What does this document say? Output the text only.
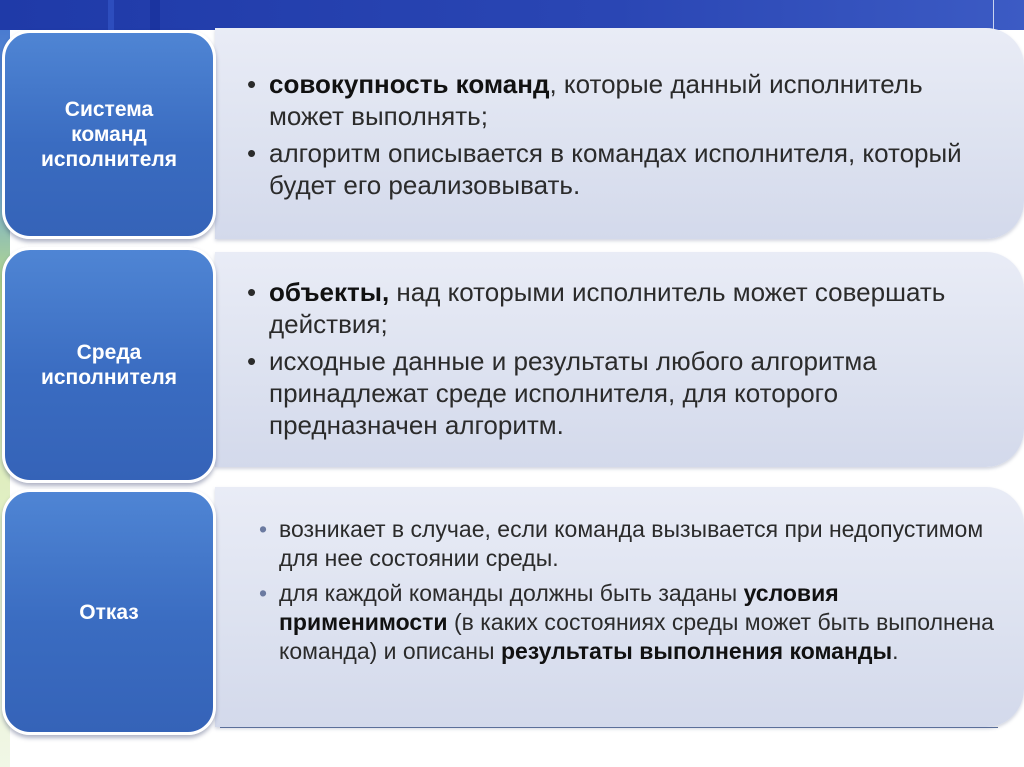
• совокупность команд, которые данный исполнитель может выполнять;
• алгоритм описывается в командах исполнителя, который будет его реализовывать.
Система
команд
исполнителя
• объекты, над которыми исполнитель может совершать действия;
• исходные данные и результаты любого алгоритма принадлежат среде исполнителя, для которого предназначен алгоритм.
Среда
исполнителя
• возникает в случае, если команда вызывается при недопустимом для нее состоянии среды.
• для каждой команды должны быть заданы условия применимости (в каких состояниях среды может быть выполнена команда) и описаны результаты выполнения команды.
Отказ
